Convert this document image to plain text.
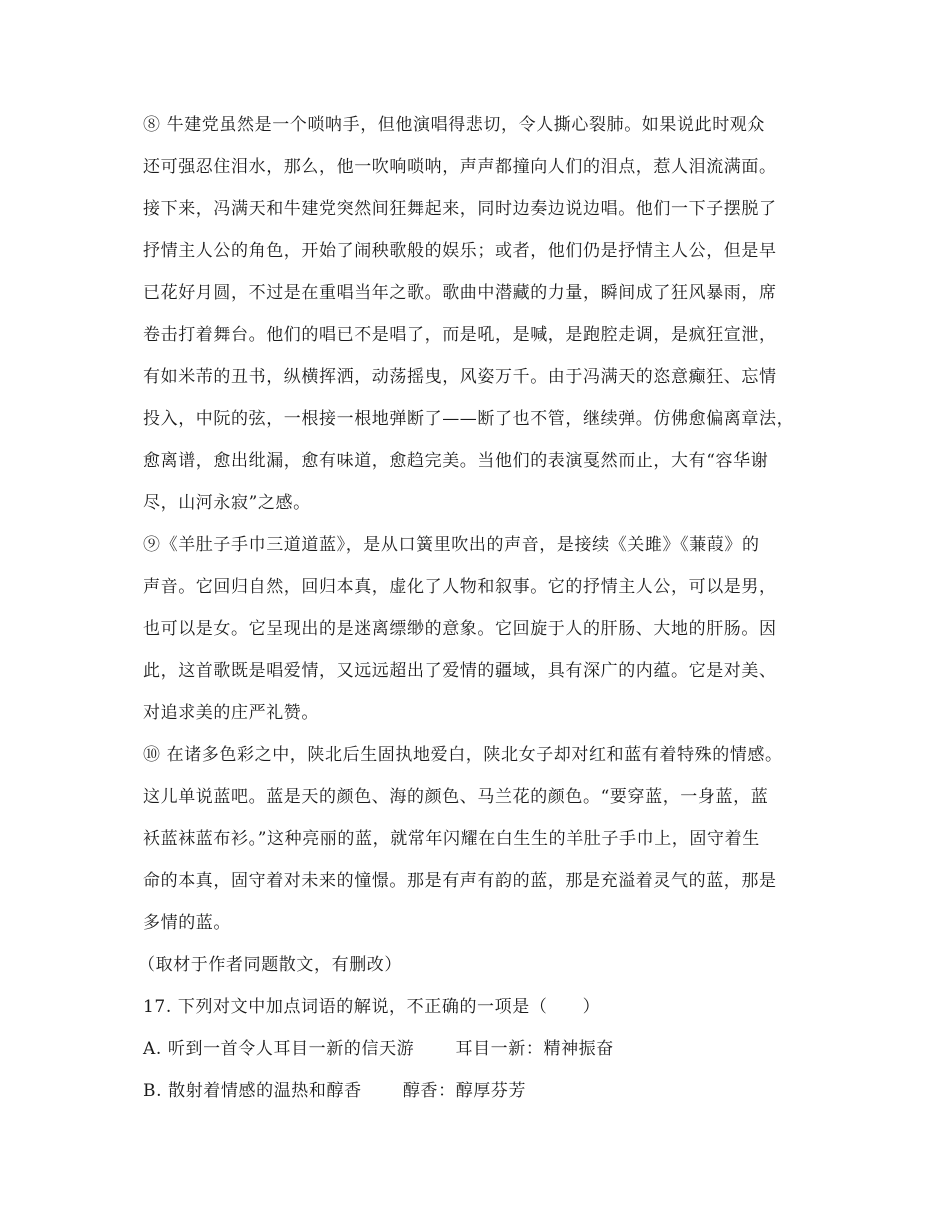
⑧ 牛建党虽然是一个唢呐手，但他演唱得悲切，令人撕心裂肺。如果说此时观众
还可强忍住泪水，那么，他一吹响唢呐，声声都撞向人们的泪点，惹人泪流满面。
接下来，冯满天和牛建党突然间狂舞起来，同时边奏边说边唱。他们一下子摆脱了
抒情主人公的角色，开始了闹秧歌般的娱乐；或者，他们仍是抒情主人公，但是早
已花好月圆，不过是在重唱当年之歌。歌曲中潜藏的力量，瞬间成了狂风暴雨，席
卷击打着舞台。他们的唱已不是唱了，而是吼，是喊，是跑腔走调，是疯狂宣泄，
有如米芾的丑书，纵横挥洒，动荡摇曳，风姿万千。由于冯满天的恣意癫狂、忘情
投入，中阮的弦，一根接一根地弹断了——断了也不管，继续弹。仿佛愈偏离章法，
愈离谱，愈出纰漏，愈有味道，愈趋完美。当他们的表演戛然而止，大有“容华谢
尽，山河永寂”之感。
⑨《羊肚子手巾三道道蓝》，是从口簧里吹出的声音，是接续《关雎》《蒹葭》的
声音。它回归自然，回归本真，虚化了人物和叙事。它的抒情主人公，可以是男，
也可以是女。它呈现出的是迷离缥缈的意象。它回旋于人的肝肠、大地的肝肠。因
此，这首歌既是唱爱情，又远远超出了爱情的疆域，具有深广的内蕴。它是对美、
对追求美的庄严礼赞。
⑩ 在诸多色彩之中，陕北后生固执地爱白，陕北女子却对红和蓝有着特殊的情感。
这儿单说蓝吧。蓝是天的颜色、海的颜色、马兰花的颜色。“要穿蓝，一身蓝，蓝
袄蓝袜蓝布衫。”这种亮丽的蓝，就常年闪耀在白生生的羊肚子手巾上，固守着生
命的本真，固守着对未来的憧憬。那是有声有韵的蓝，那是充溢着灵气的蓝，那是
多情的蓝。
（取材于作者同题散文，有删改）
17. 下列对文中加点词语的解说，不正确的一项是（　　）
A. 听到一首令人耳目一新的信天游　　 耳目一新：精神振奋
B. 散射着情感的温热和醇香　　 醇香：醇厚芬芳
